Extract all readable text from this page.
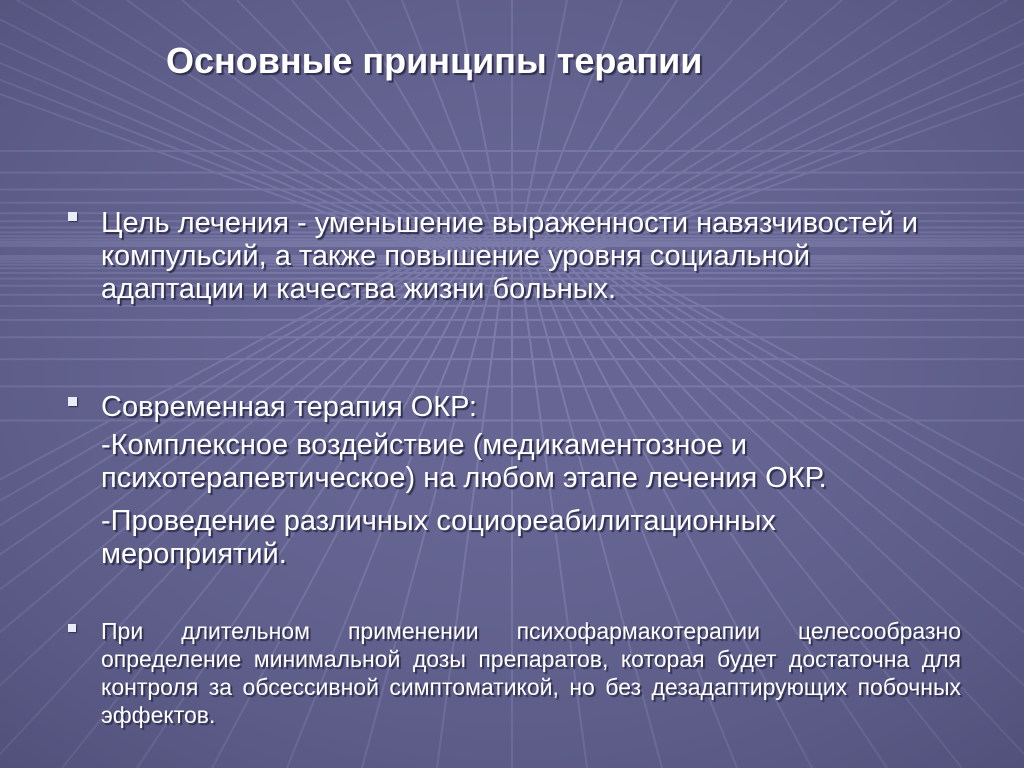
Основные принципы терапии
Цель лечения - уменьшение выраженности навязчивостей и компульсий, а также повышение уровня социальной адаптации и качества жизни больных.
Современная терапия ОКР:
-Комплексное воздействие (медикаментозное и психотерапевтическое) на любом этапе лечения ОКР.
-Проведение различных социореабилитационных мероприятий.
При длительном применении психофармакотерапии целесообразно определение минимальной дозы препаратов, которая будет достаточна для контроля за обсессивной симптоматикой, но без дезадаптирующих побочных эффектов.
